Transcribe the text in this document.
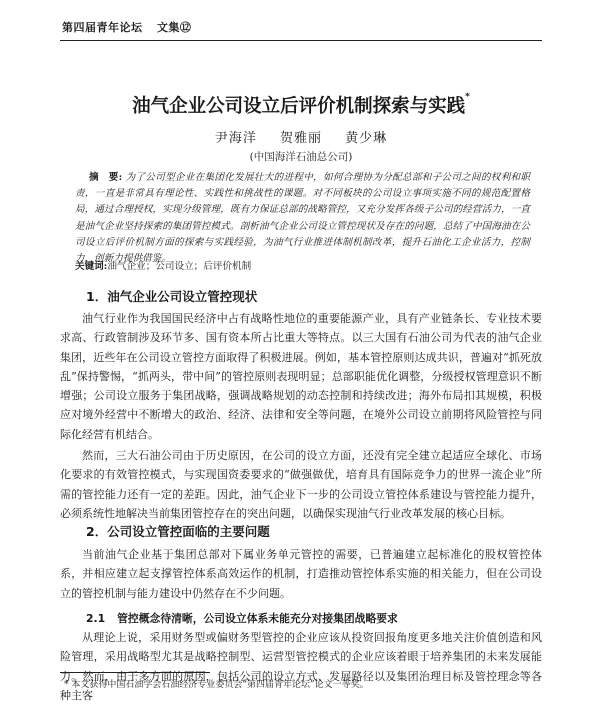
第四届青年论坛 文集⑫
油气企业公司设立后评价机制探索与实践*
尹海洋 贺雅丽 黄少琳
(中国海洋石油总公司)
摘　要: 为了公司型企业在集团化发展壮大的进程中，如何合理协为分配总部和子公司之间的权利和职责，一直是非常具有理论性、实践性和挑战性的课题。对不同板块的公司设立事项实施不同的规范配置格局，通过合理授权，实现分级管理，既有力保证总部的战略管控，又充分发挥各级子公司的经营活力，一直是油气企业坚持探索的集团管控模式。剖析油气企业公司设立管控现状及存在的问题，总结了中国海油在公司设立后评价机制方面的探索与实践经验，为油气行业推进体制机制改革，提升石油化工企业活力，控制力，创新力提供借鉴。
关键词:油气企业；公司设立；后评价机制
1．油气企业公司设立管控现状
油气行业作为我国国民经济中占有战略性地位的重要能源产业，具有产业链条长、专业技术要求高、行政管制涉及环节多、国有资本所占比重大等特点。以三大国有石油公司为代表的油气企业集团，近些年在公司设立管控方面取得了积极进展。例如，基本管控原则达成共识，普遍对“抓死放乱”保持警惕，“抓两头，带中间”的管控原则表现明显；总部职能优化调整，分级授权管理意识不断增强；公司设立服务于集团战略，强调战略规划的动态控制和持续改进；海外布局扣其规模，积极应对境外经营中不断增大的政治、经济、法律和安全等问题，在境外公司设立前期将风险管控与同际化经营有机结合。
然而，三大石油公司由于历史原因，在公司的设立方面，还没有完全建立起适应全球化、市场化要求的有效管控模式，与实现国资委要求的“做强做优，培育具有国际竞争力的世界一流企业”所需的管控能力还有一定的差距。因此，油气企业下一步的公司设立管控体系建设与管控能力提升，必须系统性地解决当前集团管控存在的突出问题，以确保实现油气行业改革发展的核心目标。
2．公司设立管控面临的主要问题
当前油气企业基于集团总部对下属业务单元管控的需要，已普遍建立起标准化的股权管控体系，并相应建立起支撑管控体系高效运作的机制，打造推动管控体系实施的相关能力，但在公司设立的管控机制与能力建设中仍然存在不少问题。
2.1 管控概念待清晰，公司设立体系未能充分对接集团战略要求
从理论上说，采用财务型或偏财务型管控的企业应该从投资回报角度更多地关注价值创造和风险管理，采用战略型尤其是战略控制型、运营型管控模式的企业应该着眼于培养集团的未来发展能力。然而，由于多方面的原因，包括公司的设立方式、发展路径以及集团治理目标及管控理念等各种主客
* 本文获得中国石油学会石油经济专业委员会“第四届青年论坛”论文一等奖。
